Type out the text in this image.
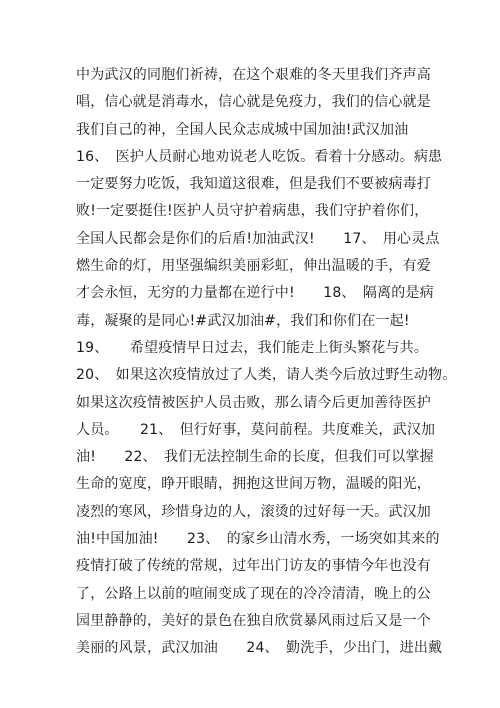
中为武汉的同胞们祈祷，在这个艰难的冬天里我们齐声高
唱，信心就是消毒水，信心就是免疫力，我们的信心就是
我们自己的神，全国人民众志成城中国加油!武汉加油
16、　医护人员耐心地劝说老人吃饭。看着十分感动。病患
一定要努力吃饭，我知道这很难，但是我们不要被病毒打
败!一定要挺住!医护人员守护着病患，我们守护着你们，
全国人民都会是你们的后盾!加油武汉!　　17、　用心灵点
燃生命的灯，用坚强编织美丽彩虹，伸出温暖的手，有爱
才会永恒，无穷的力量都在逆行中!　　18、　隔离的是病
毒，凝聚的是同心!#武汉加油#，我们和你们在一起!
19、　　希望疫情早日过去，我们能走上街头繁花与共。
20、　如果这次疫情放过了人类，请人类今后放过野生动物。
如果这次疫情被医护人员击败，那么请今后更加善待医护
人员。　　21、　但行好事，莫问前程。共度难关，武汉加
油!　　22、　我们无法控制生命的长度，但我们可以掌握
生命的宽度，睁开眼睛，拥抱这世间万物，温暖的阳光，
凌烈的寒风，珍惜身边的人，滚烫的过好每一天。武汉加
油!中国加油!　　23、　的家乡山清水秀，一场突如其来的
疫情打破了传统的常规，过年出门访友的事情今年也没有
了，公路上以前的喧闹变成了现在的冷冷清清，晚上的公
园里静静的，美好的景色在独自欣赏暴风雨过后又是一个
美丽的风景，武汉加油　　24、　勤洗手，少出门，进出戴
